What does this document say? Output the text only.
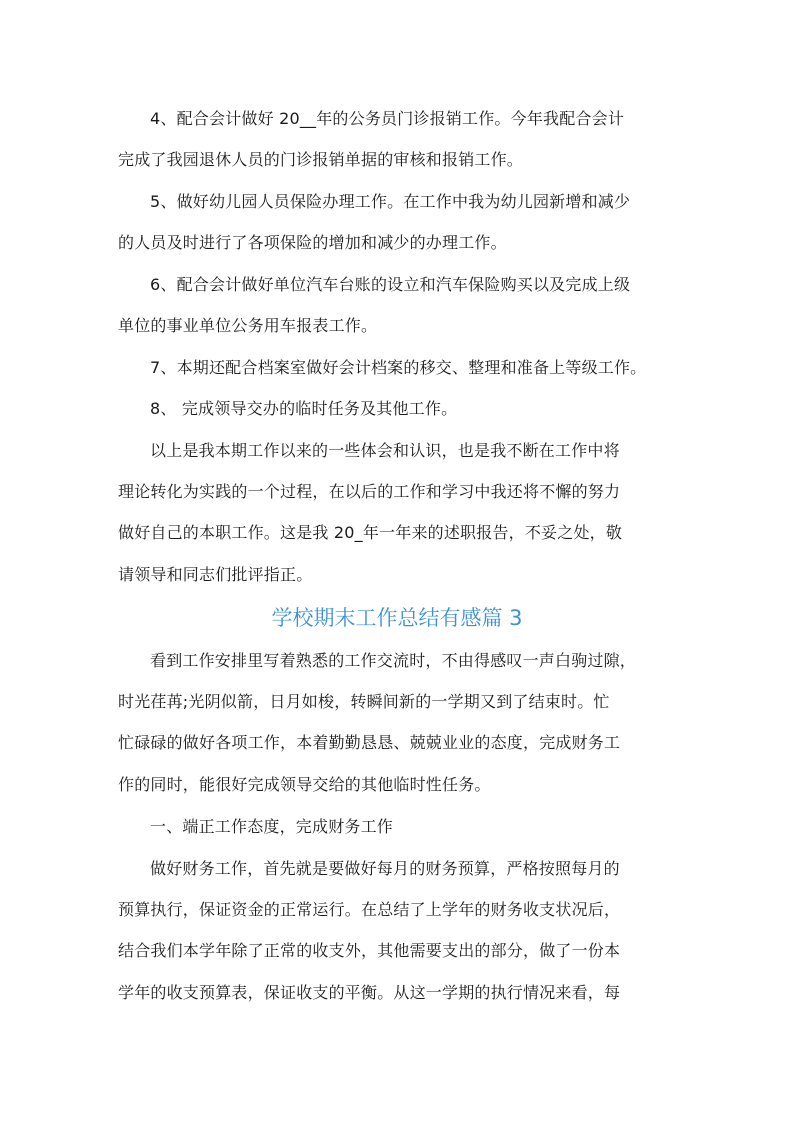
4、配合会计做好 20__年的公务员门诊报销工作。今年我配合会计
完成了我园退休人员的门诊报销单据的审核和报销工作。
5、做好幼儿园人员保险办理工作。在工作中我为幼儿园新增和减少
的人员及时进行了各项保险的增加和减少的办理工作。
6、配合会计做好单位汽车台账的设立和汽车保险购买以及完成上级
单位的事业单位公务用车报表工作。
7、本期还配合档案室做好会计档案的移交、整理和准备上等级工作。
8、 完成领导交办的临时任务及其他工作。
以上是我本期工作以来的一些体会和认识，也是我不断在工作中将
理论转化为实践的一个过程，在以后的工作和学习中我还将不懈的努力
做好自己的本职工作。这是我 20_年一年来的述职报告，不妥之处，敬
请领导和同志们批评指正。
学校期末工作总结有感篇 3
看到工作安排里写着熟悉的工作交流时，不由得感叹一声白驹过隙，
时光荏苒;光阴似箭，日月如梭，转瞬间新的一学期又到了结束时。忙
忙碌碌的做好各项工作，本着勤勤恳恳、兢兢业业的态度，完成财务工
作的同时，能很好完成领导交给的其他临时性任务。
一、端正工作态度，完成财务工作
做好财务工作，首先就是要做好每月的财务预算，严格按照每月的
预算执行，保证资金的正常运行。在总结了上学年的财务收支状况后，
结合我们本学年除了正常的收支外，其他需要支出的部分，做了一份本
学年的收支预算表，保证收支的平衡。从这一学期的执行情况来看，每
